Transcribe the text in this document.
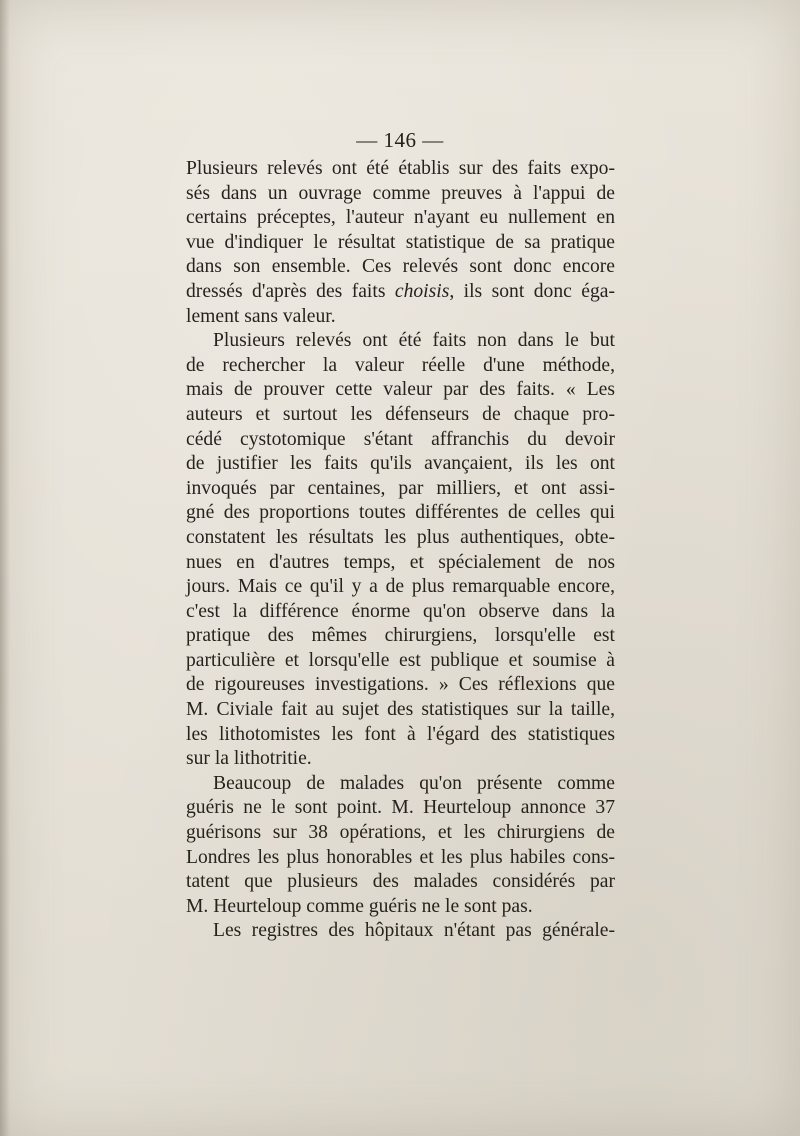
— 146 —
Plusieurs relevés ont été établis sur des faits expo-
sés dans un ouvrage comme preuves à l'appui de
certains préceptes, l'auteur n'ayant eu nullement en
vue d'indiquer le résultat statistique de sa pratique
dans son ensemble. Ces relevés sont donc encore
dressés d'après des faits choisis, ils sont donc éga-
lement sans valeur.
Plusieurs relevés ont été faits non dans le but
de rechercher la valeur réelle d'une méthode,
mais de prouver cette valeur par des faits. « Les
auteurs et surtout les défenseurs de chaque pro-
cédé cystotomique s'étant affranchis du devoir
de justifier les faits qu'ils avançaient, ils les ont
invoqués par centaines, par milliers, et ont assi-
gné des proportions toutes différentes de celles qui
constatent les résultats les plus authentiques, obte-
nues en d'autres temps, et spécialement de nos
jours. Mais ce qu'il y a de plus remarquable encore,
c'est la différence énorme qu'on observe dans la
pratique des mêmes chirurgiens, lorsqu'elle est
particulière et lorsqu'elle est publique et soumise à
de rigoureuses investigations. » Ces réflexions que
M. Civiale fait au sujet des statistiques sur la taille,
les lithotomistes les font à l'égard des statistiques
sur la lithotritie.
Beaucoup de malades qu'on présente comme
guéris ne le sont point. M. Heurteloup annonce 37
guérisons sur 38 opérations, et les chirurgiens de
Londres les plus honorables et les plus habiles cons-
tatent que plusieurs des malades considérés par
M. Heurteloup comme guéris ne le sont pas.
Les registres des hôpitaux n'étant pas générale-
